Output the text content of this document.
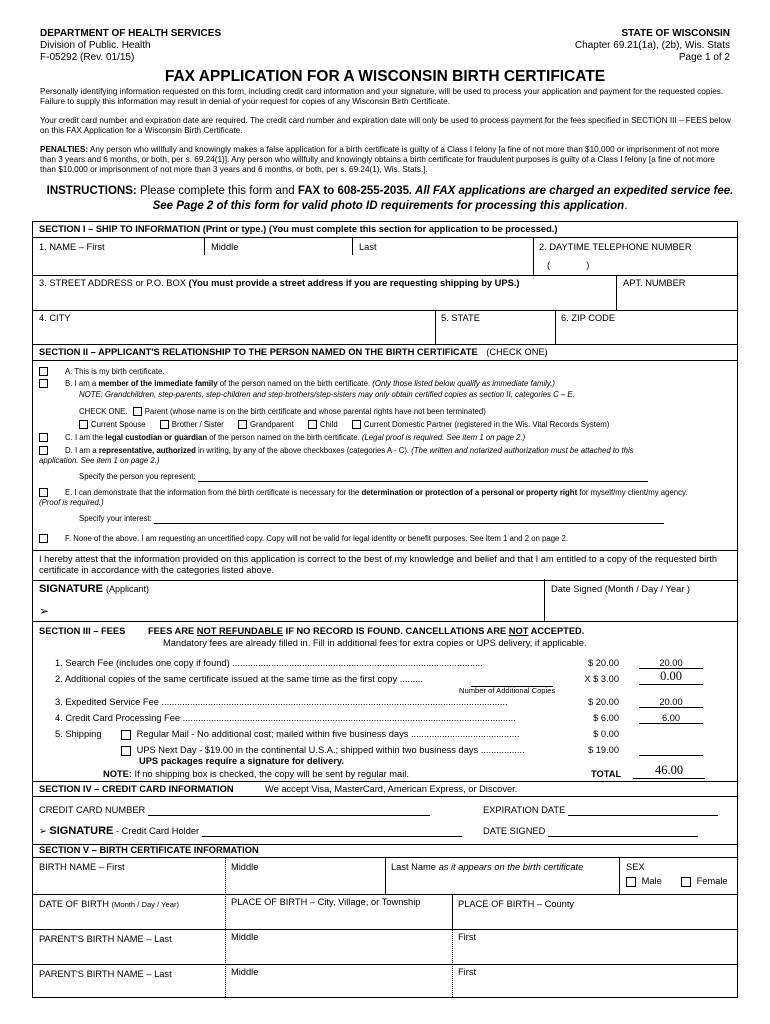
DEPARTMENT OF HEALTH SERVICES
Division of Public. Health
F-05292 (Rev. 01/15)
STATE OF WISCONSIN
Chapter 69.21(1a), (2b), Wis. Stats
Page 1 of 2
FAX APPLICATION FOR A WISCONSIN BIRTH CERTIFICATE
Personally identifying information requested on this form, including credit card information and your signature, will be used to process your application and payment for the requested copies. Failure to supply this information may result in denial of your request for copies of any Wisconsin Birth Certificate.
Your credit card number and expiration date are required. The credit card number and expiration date will only be used to process payment for the fees specified in SECTION III – FEES below on this FAX Application for a Wisconsin Birth Certificate.
PENALTIES: Any person who willfully and knowingly makes a false application for a birth certificate is guilty of a Class I felony [a fine of not more than $10,000 or imprisonment of not more than 3 years and 6 months, or both, per s. 69.24(1)]. Any person who willfully and knowingly obtains a birth certificate for fraudulent purposes is guilty of a Class I felony [a fine of not more than $10,000 or imprisonment of not more than 3 years and 6 months, or both, per s. 69.24(1), Wis. Stats.].
INSTRUCTIONS: Please complete this form and FAX to 608-255-2035. All FAX applications are charged an expedited service fee.
See Page 2 of this form for valid photo ID requirements for processing this application.
SECTION I – SHIP TO INFORMATION (Print or type.) (You must complete this section for application to be processed.)
1. NAME – First	Middle	Last	2. DAYTIME TELEPHONE NUMBER
(              )
3. STREET ADDRESS or P.O. BOX (You must provide a street address if you are requesting shipping by UPS.)	APT. NUMBER
4. CITY	5. STATE	6. ZIP CODE
SECTION II – APPLICANT'S RELATIONSHIP TO THE PERSON NAMED ON THE BIRTH CERTIFICATE (CHECK ONE)
A. This is my birth certificate.
B. I am a member of the immediate family of the person named on the birth certificate. (Only those listed below qualify as immediate family.)
NOTE: Grandchildren, step-parents, step-children and step-brothers/step-sisters may only obtain certified copies as section II, categories C – E.
CHECK ONE. Parent (whose name is on the birth certificate and whose parental rights have not been terminated)
Current Spouse	Brother / Sister	Grandparent	Child	Current Domestic Partner (registered in the Wis. Vital Records System)
C. I am the legal custodian or guardian of the person named on the birth certificate. (Legal proof is required. See item 1 on page 2.)
D. I am a representative, authorized in writing, by any of the above checkboxes (categories A - C). (The written and notarized authorization must be attached to this application. See item 1 on page 2.)
Specify the person you represent:
E. I can demonstrate that the information from the birth certificate is necessary for the determination or protection of a personal or property right for myself/my client/my agency. (Proof is required.)
Specify your interest:
F. None of the above. I am requesting an uncertified copy. Copy will not be valid for legal identity or benefit purposes. See Item 1 and 2 on page 2.
I hereby attest that the information provided on this application is correct to the best of my knowledge and belief and that I am entitled to a copy of the requested birth certificate in accordance with the categories listed above.
SIGNATURE (Applicant)
➢
Date Signed (Month / Day / Year )
SECTION III – FEES FEES ARE NOT REFUNDABLE IF NO RECORD IS FOUND. CANCELLATIONS ARE NOT ACCEPTED.
Mandatory fees are already filled in. Fill in additional fees for extra copies or UPS delivery, if applicable.
1. Search Fee (includes one copy if found) .................................................................................................	$ 20.00	20.00
2. Additional copies of the same certificate issued at the same time as the first copy .........	X $ 3.00	0.00
Number of Additional Copies
3. Expedited Service Fee ......................................................................................................................................	$ 20.00	20.00
4. Credit Card Processing Fee .................................................................................................................................	$ 6.00	6.00
5. Shipping	Regular Mail - No additional cost; mailed within five business days ..........................................	$ 0.00
UPS Next Day - $19.00 in the continental U.S.A.; shipped within two business days .................	$ 19.00
UPS packages require a signature for delivery.
NOTE: If no shipping box is checked, the copy will be sent by regular mail.	TOTAL	46.00
SECTION IV – CREDIT CARD INFORMATION	We accept Visa, MasterCard, American Express, or Discover.
CREDIT CARD NUMBER	EXPIRATION DATE
➢ SIGNATURE - Credit Card Holder	DATE SIGNED
SECTION V – BIRTH CERTIFICATE INFORMATION
BIRTH NAME – First	Middle	Last Name as it appears on the birth certificate	SEX
Male	Female
DATE OF BIRTH (Month / Day / Year)	PLACE OF BIRTH – City, Village, or Township	PLACE OF BIRTH – County
PARENT'S BIRTH NAME – Last	Middle	First
PARENT'S BIRTH NAME – Last	Middle	First
